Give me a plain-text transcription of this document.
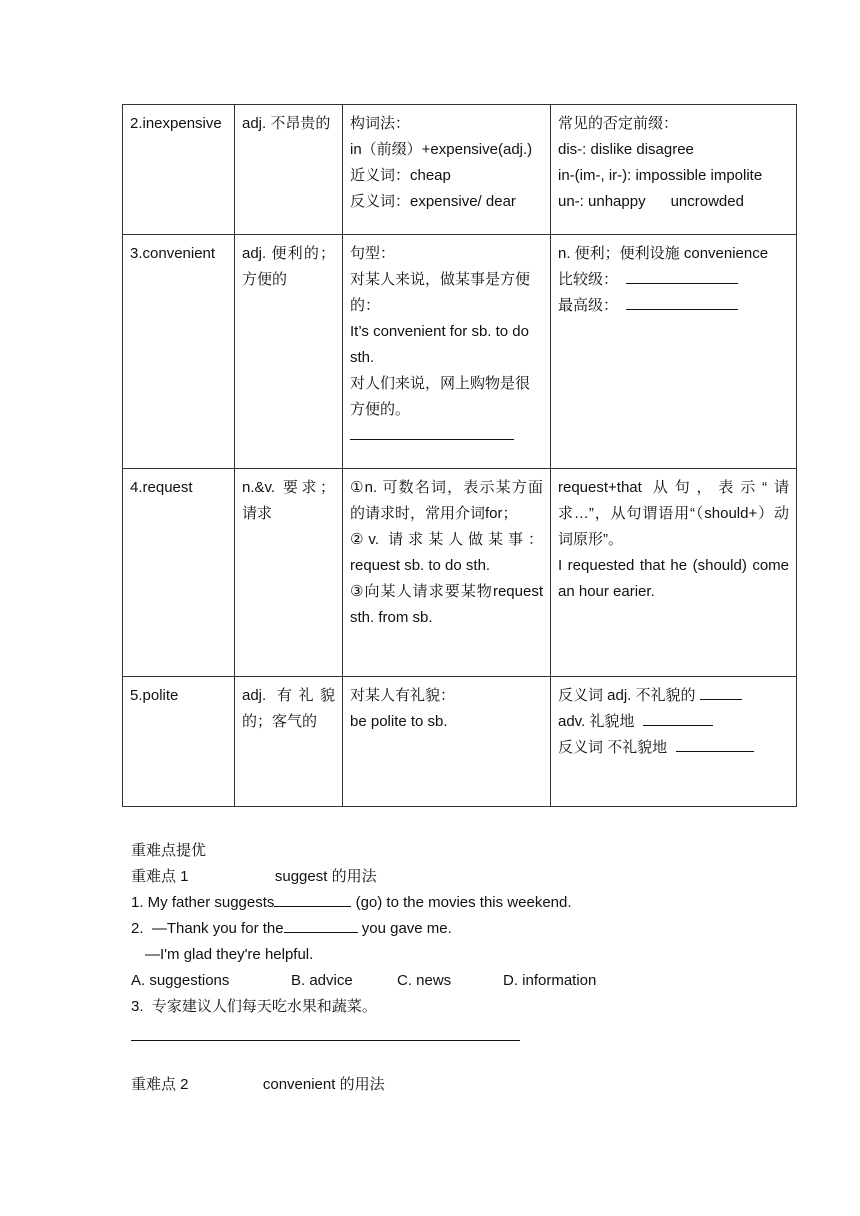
2.inexpensive	adj. 不昂贵的	构词法：
in（前缀）+expensive(adj.)
近义词：cheap
反义词：expensive/ dear	常见的否定前缀：
dis-: dislike disagree
in-(im-, ir-): impossible impolite
un-: unhappy      uncrowded

3.convenient	adj. 便利的；方便的	句型：
对某人来说，做某事是方便的：
It’s convenient for sb. to do sth.
对人们来说，网上购物是很方便的。	n. 便利；便利设施 convenience
比较级：
最高级：

4.request	n.&v. 要求；请求	①n. 可数名词，表示某方面的请求时，常用介词for；
②v. 请求某人做某事：request sb. to do sth.
③向某人请求要某物request sth. from sb.	request+that 从句，表示“请求…”，从句谓语用“（should+）动词原形”。
I requested that he (should) come an hour earier.

5.polite	adj. 有礼貌的；客气的	对某人有礼貌：
be polite to sb.	反义词 adj. 不礼貌的
adv. 礼貌地
反义词 不礼貌地
重难点提优
重难点 1	suggest 的用法
1. My father suggests	(go) to the movies this weekend.
2.  —Thank you for the	you gave me.
—I'm glad they're helpful.
A. suggestions	B. advice	C. news	D. information
3.  专家建议人们每天吃水果和蔬菜。
重难点 2	convenient 的用法
